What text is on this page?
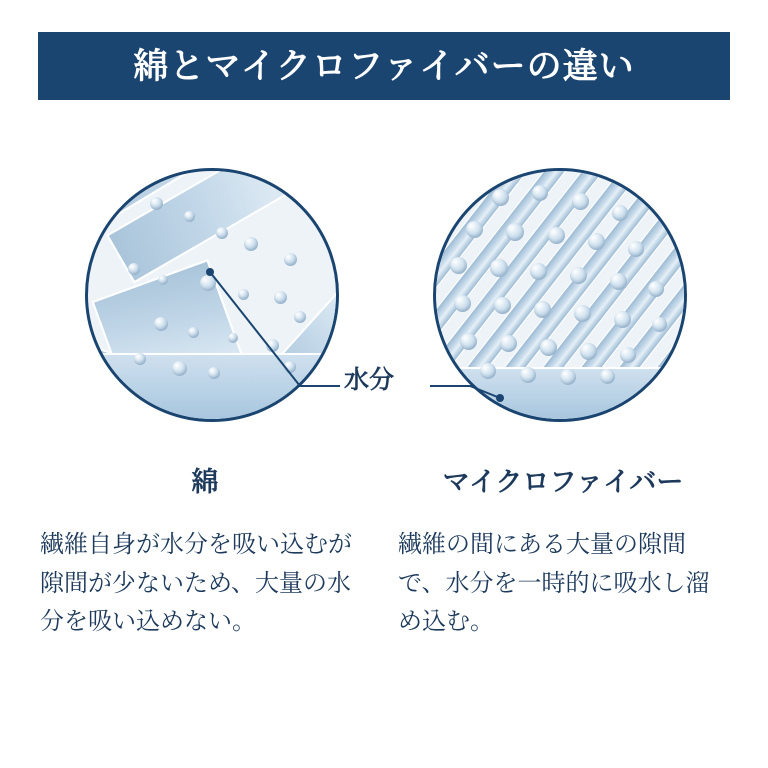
綿とマイクロファイバーの違い
水分

綿

繊維自身が水分を吸い込むが隙間が少ないため、大量の水分を吸い込めない。

マイクロファイバー

繊維の間にある大量の隙間で、水分を一時的に吸水し溜め込む。
